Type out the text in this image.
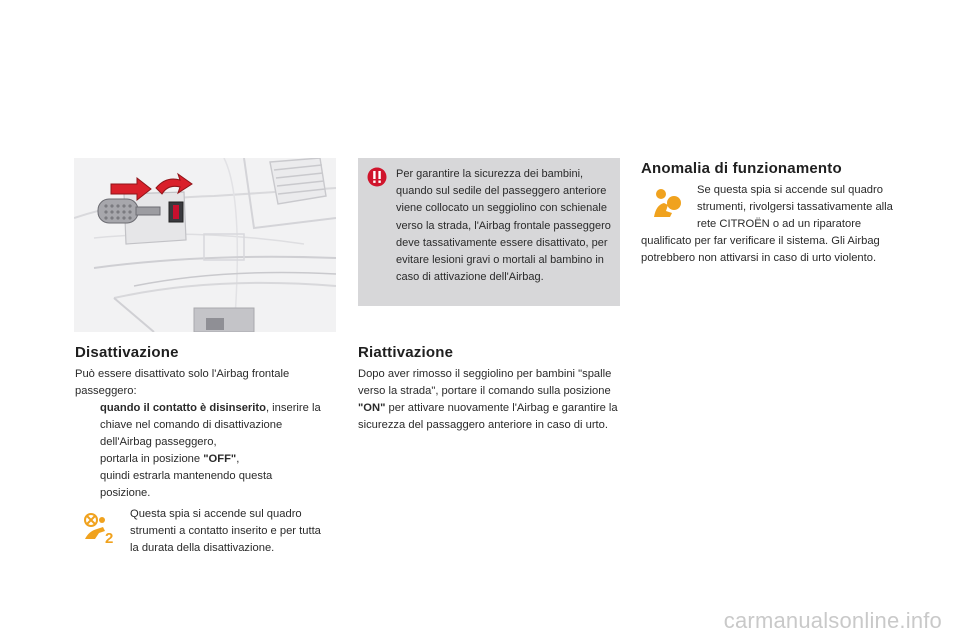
Disattivazione
Può essere disattivato solo l'Airbag frontale passeggero:
quando il contatto è disinserito, inserire la chiave nel comando di disattivazione dell'Airbag passeggero,
portarla in posizione "OFF",
quindi estrarla mantenendo questa posizione.
2
Questa spia si accende sul quadro strumenti a contatto inserito e per tutta la durata della disattivazione.
Per garantire la sicurezza dei bambini, quando sul sedile del passeggero anteriore viene collocato un seggiolino con schienale verso la strada, l'Airbag frontale passeggero deve tassativamente essere disattivato, per evitare lesioni gravi o mortali al bambino in caso di attivazione dell'Airbag.
Riattivazione
Dopo aver rimosso il seggiolino per bambini "spalle verso la strada", portare il comando sulla posizione "ON" per attivare nuovamente l'Airbag e garantire la sicurezza del passaggero anteriore in caso di urto.
Anomalia di funzionamento
Se questa spia si accende sul quadro strumenti, rivolgersi tassativamente alla rete CITROËN o ad un riparatore
qualificato per far verificare il sistema. Gli Airbag potrebbero non attivarsi in caso di urto violento.
carmanualsonline.info
